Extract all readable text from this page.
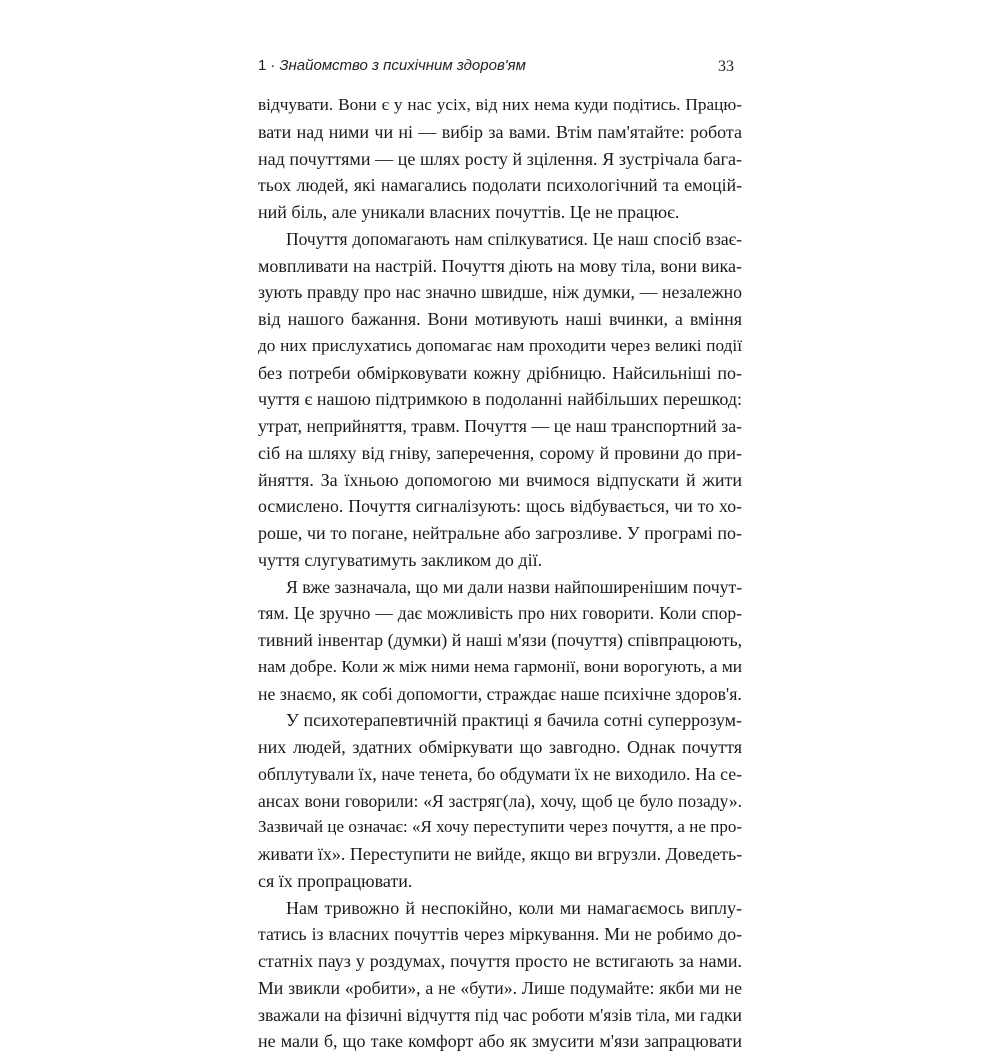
1 · Знайомство з психічним здоров'ям	33
відчувати. Вони є у нас усіх, від них нема куди подітись. Працю-
вати над ними чи ні — вибір за вами. Втім пам'ятайте: робота
над почуттями — це шлях росту й зцілення. Я зустрічала бага-
тьох людей, які намагались подолати психологічний та емоцій-
ний біль, але уникали власних почуттів. Це не працює.
Почуття допомагають нам спілкуватися. Це наш спосіб взає-
мовпливати на настрій. Почуття діють на мову тіла, вони вика-
зують правду про нас значно швидше, ніж думки, — незалежно
від нашого бажання. Вони мотивують наші вчинки, а вміння
до них прислухатись допомагає нам проходити через великі події
без потреби обмірковувати кожну дрібницю. Найсильніші по-
чуття є нашою підтримкою в подоланні найбільших перешкод:
утрат, неприйняття, травм. Почуття — це наш транспортний за-
сіб на шляху від гніву, заперечення, сорому й провини до при-
йняття. За їхньою допомогою ми вчимося відпускати й жити
осмислено. Почуття сигналізують: щось відбувається, чи то хо-
роше, чи то погане, нейтральне або загрозливе. У програмі по-
чуття слугуватимуть закликом до дії.
Я вже зазначала, що ми дали назви найпоширенішим почут-
тям. Це зручно — дає можливість про них говорити. Коли спор-
тивний інвентар (думки) й наші м'язи (почуття) співпрацюють,
нам добре. Коли ж між ними нема гармонії, вони ворогують, а ми
не знаємо, як собі допомогти, страждає наше психічне здоров'я.
У психотерапевтичній практиці я бачила сотні суперрозум-
них людей, здатних обміркувати що завгодно. Однак почуття
обплутували їх, наче тенета, бо обдумати їх не виходило. На се-
ансах вони говорили: «Я застряг(ла), хочу, щоб це було позаду».
Зазвичай це означає: «Я хочу переступити через почуття, а не про-
живати їх». Переступити не вийде, якщо ви вгрузли. Доведеть-
ся їх пропрацювати.
Нам тривожно й неспокійно, коли ми намагаємось виплу-
татись із власних почуттів через міркування. Ми не робимо до-
статніх пауз у роздумах, почуття просто не встигають за нами.
Ми звикли «робити», а не «бути». Лише подумайте: якби ми не
зважали на фізичні відчуття під час роботи м'язів тіла, ми гадки
не мали б, що таке комфорт або як змусити м'язи запрацювати
